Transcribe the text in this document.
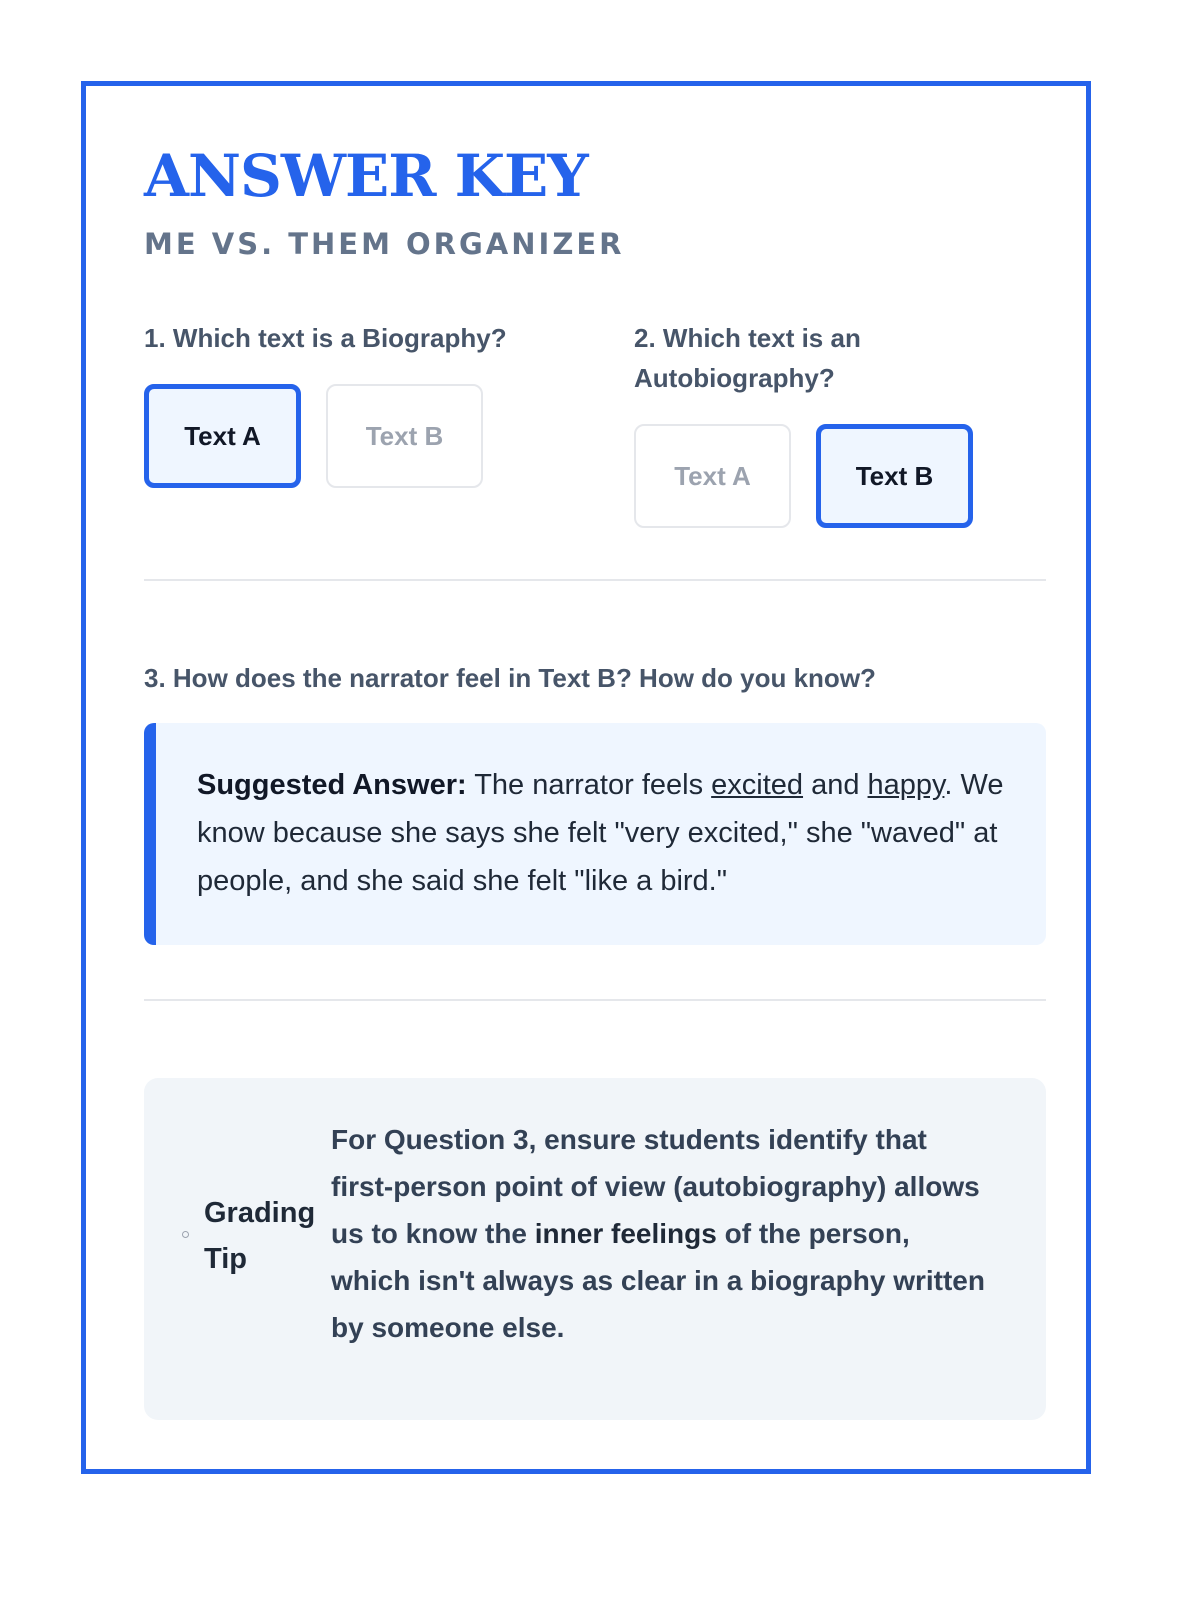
ANSWER KEY
ME VS. THEM ORGANIZER

1. Which text is a Biography?

Text A	Text B

2. Which text is an Autobiography?

Text A	Text B

3. How does the narrator feel in Text B? How do you know?

Suggested Answer: The narrator feels excited and happy. We know because she says she felt "very excited," she "waved" at people, and she said she felt "like a bird."
Grading Tip
For Question 3, ensure students identify that first-person point of view (autobiography) allows us to know the inner feelings of the person, which isn't always as clear in a biography written by someone else.
